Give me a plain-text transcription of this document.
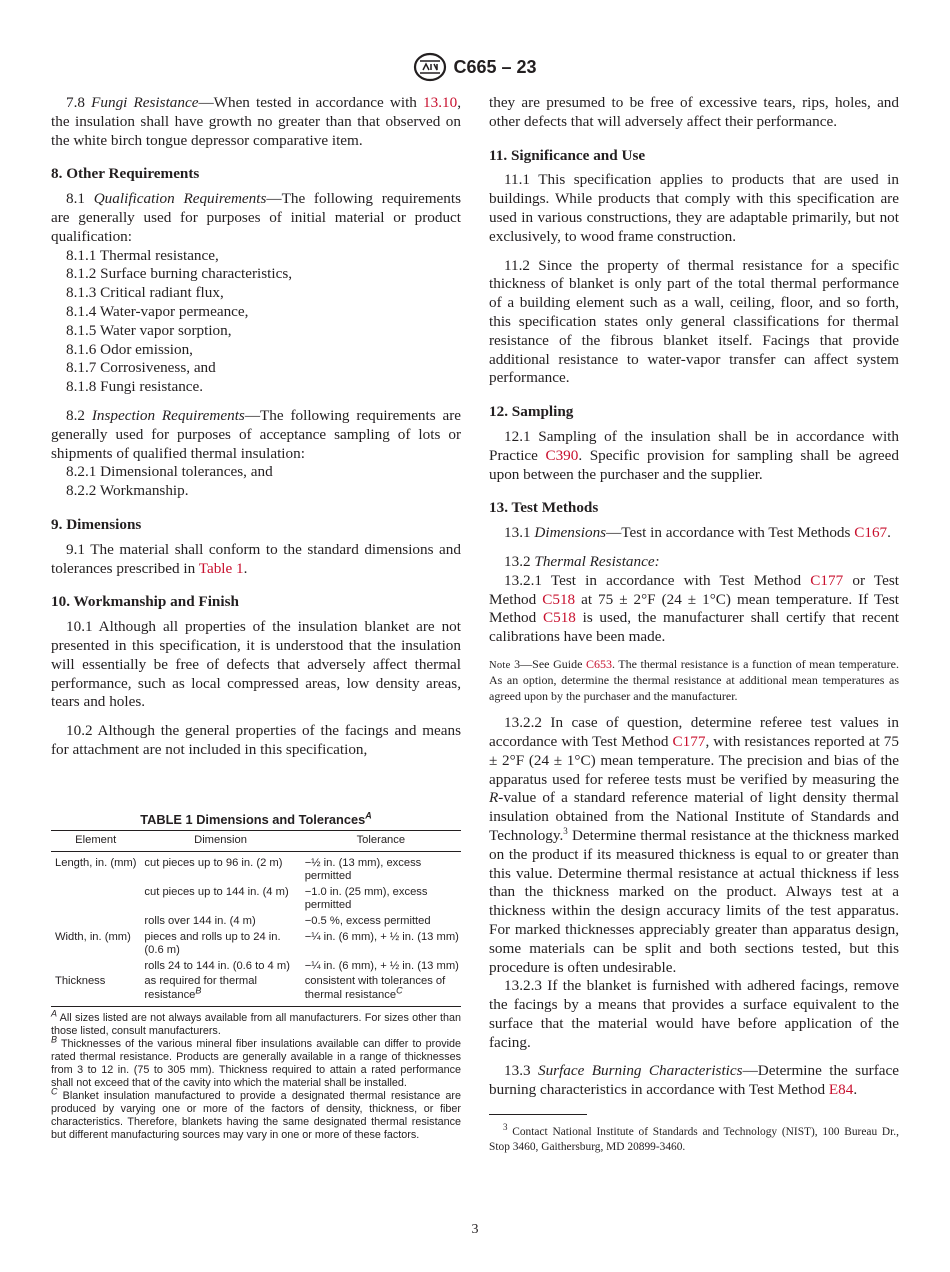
C665 – 23

7.8 Fungi Resistance—When tested in accordance with 13.10, the insulation shall have growth no greater than that observed on the white birch tongue depressor comparative item.

8. Other Requirements

8.1 Qualification Requirements—The following requirements are generally used for purposes of initial material or product qualification:

8.1.1 Thermal resistance,

8.1.2 Surface burning characteristics,

8.1.3 Critical radiant flux,

8.1.4 Water-vapor permeance,

8.1.5 Water vapor sorption,

8.1.6 Odor emission,

8.1.7 Corrosiveness, and

8.1.8 Fungi resistance.

8.2 Inspection Requirements—The following requirements are generally used for purposes of acceptance sampling of lots or shipments of qualified thermal insulation:

8.2.1 Dimensional tolerances, and

8.2.2 Workmanship.

9. Dimensions

9.1 The material shall conform to the standard dimensions and tolerances prescribed in Table 1.

10. Workmanship and Finish

10.1 Although all properties of the insulation blanket are not presented in this specification, it is understood that the insulation will essentially be free of defects that adversely affect thermal performance, such as local compressed areas, low density areas, tears and holes.

10.2 Although the general properties of the facings and means for attachment are not included in this specification,

TABLE 1 Dimensions and Tolerances$^A$
Element	Dimension	Tolerance
Length, in. (mm)	cut pieces up to 96 in. (2 m)	−½ in. (13 mm), excess permitted
	cut pieces up to 144 in. (4 m)	−1.0 in. (25 mm), excess permitted
	rolls over 144 in. (4 m)	−0.5 %, excess permitted
Width, in. (mm)	pieces and rolls up to 24 in. (0.6 m)	−¼ in. (6 mm), + ½ in. (13 mm)
	rolls 24 to 144 in. (0.6 to 4 m)	−¼ in. (6 mm), + ½ in. (13 mm)
Thickness	as required for thermal resistance$^B$	consistent with tolerances of thermal resistance$^C$

$^A$ All sizes listed are not always available from all manufacturers. For sizes other than those listed, consult manufacturers.

$^B$ Thicknesses of the various mineral fiber insulations available can differ to provide rated thermal resistance. Products are generally available in a range of thicknesses from 3 to 12 in. (75 to 305 mm). Thickness required to attain a rated performance shall not exceed that of the cavity into which the material shall be installed.

$^C$ Blanket insulation manufactured to provide a designated thermal resistance are produced by varying one or more of the factors of density, thickness, or fiber characteristics. Therefore, blankets having the same designated thermal resistance but different manufacturing sources may vary in one or more of these factors.

they are presumed to be free of excessive tears, rips, holes, and other defects that will adversely affect their performance.

11. Significance and Use

11.1 This specification applies to products that are used in buildings. While products that comply with this specification are used in various constructions, they are adaptable primarily, but not exclusively, to wood frame construction.

11.2 Since the property of thermal resistance for a specific thickness of blanket is only part of the total thermal performance of a building element such as a wall, ceiling, floor, and so forth, this specification states only general classifications for thermal resistance of the fibrous blanket itself. Facings that provide additional resistance to water-vapor transfer can affect system performance.

12. Sampling

12.1 Sampling of the insulation shall be in accordance with Practice C390. Specific provision for sampling shall be agreed upon between the purchaser and the supplier.

13. Test Methods

13.1 Dimensions—Test in accordance with Test Methods C167.

13.2 Thermal Resistance:

13.2.1 Test in accordance with Test Method C177 or Test Method C518 at 75 ± 2°F (24 ± 1°C) mean temperature. If Test Method C518 is used, the manufacturer shall certify that recent calibrations have been made.

Note 3—See Guide C653. The thermal resistance is a function of mean temperature. As an option, determine the thermal resistance at additional mean temperatures as agreed upon by the purchaser and the manufacturer.

13.2.2 In case of question, determine referee test values in accordance with Test Method C177, with resistances reported at 75 ± 2°F (24 ± 1°C) mean temperature. The precision and bias of the apparatus used for referee tests must be verified by measuring the R-value of a standard reference material of light density thermal insulation obtained from the National Institute of Standards and Technology.$^3$ Determine thermal resistance at the thickness marked on the product if its measured thickness is equal to or greater than this value. Determine thermal resistance at actual thickness if less than the thickness marked on the product. Always test at a thickness within the design accuracy limits of the test apparatus. For marked thicknesses appreciably greater than apparatus design, some materials can be split and both sections tested, but this procedure is often undesirable.

13.2.3 If the blanket is furnished with adhered facings, remove the facings by a means that provides a surface equivalent to the surface that the material would have before application of the facing.

13.3 Surface Burning Characteristics—Determine the surface burning characteristics in accordance with Test Method E84.

$^3$ Contact National Institute of Standards and Technology (NIST), 100 Bureau Dr., Stop 3460, Gaithersburg, MD 20899-3460.

3
